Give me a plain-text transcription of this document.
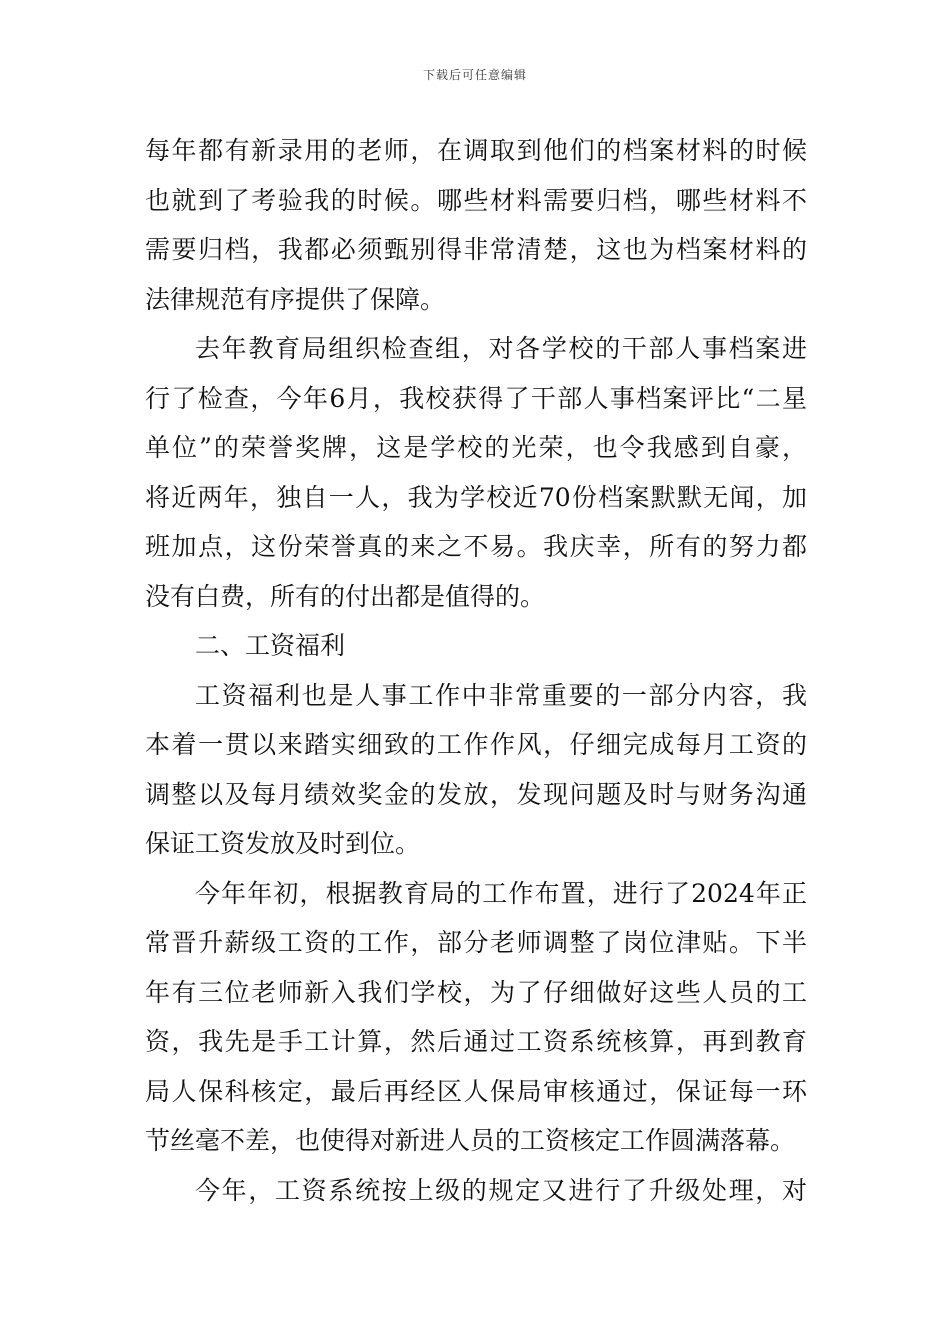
下载后可任意编辑
每年都有新录用的老师，在调取到他们的档案材料的时候
也就到了考验我的时候。哪些材料需要归档，哪些材料不
需要归档，我都必须甄别得非常清楚，这也为档案材料的
法律规范有序提供了保障。
去年教育局组织检查组，对各学校的干部人事档案进
行了检查，今年6月，我校获得了干部人事档案评比“二星
单位”的荣誉奖牌，这是学校的光荣，也令我感到自豪，
将近两年，独自一人，我为学校近70份档案默默无闻，加
班加点，这份荣誉真的来之不易。我庆幸，所有的努力都
没有白费，所有的付出都是值得的。
二、工资福利
工资福利也是人事工作中非常重要的一部分内容，我
本着一贯以来踏实细致的工作作风，仔细完成每月工资的
调整以及每月绩效奖金的发放，发现问题及时与财务沟通
保证工资发放及时到位。
今年年初，根据教育局的工作布置，进行了2024年正
常晋升薪级工资的工作，部分老师调整了岗位津贴。下半
年有三位老师新入我们学校，为了仔细做好这些人员的工
资，我先是手工计算，然后通过工资系统核算，再到教育
局人保科核定，最后再经区人保局审核通过，保证每一环
节丝毫不差，也使得对新进人员的工资核定工作圆满落幕。
今年，工资系统按上级的规定又进行了升级处理，对
